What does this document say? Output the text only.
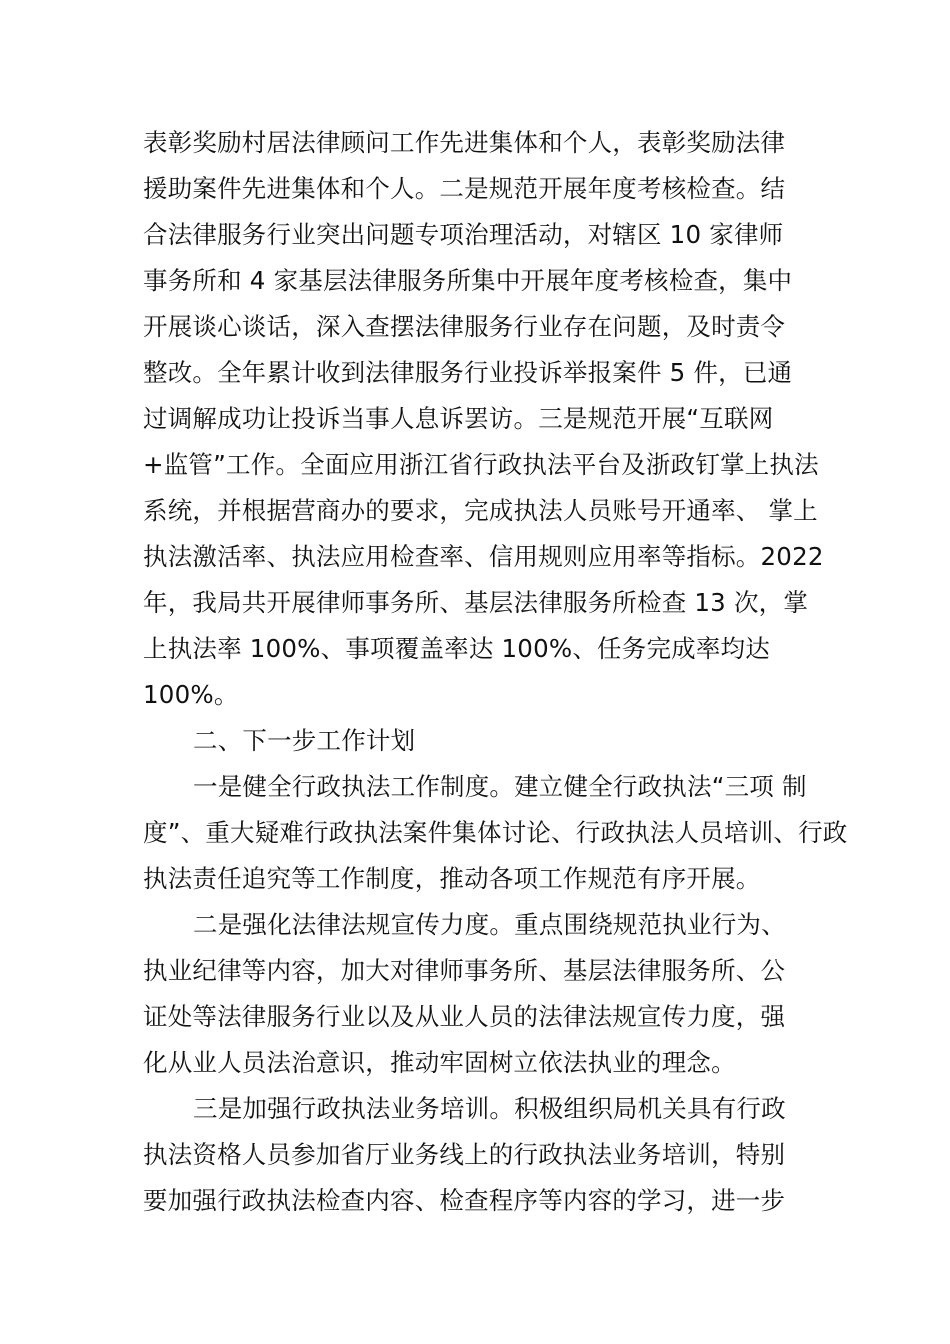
表彰奖励村居法律顾问工作先进集体和个人，表彰奖励法律
援助案件先进集体和个人。二是规范开展年度考核检查。结
合法律服务行业突出问题专项治理活动，对辖区 10 家律师
事务所和 4 家基层法律服务所集中开展年度考核检查，集中
开展谈心谈话，深入查摆法律服务行业存在问题，及时责令
整改。全年累计收到法律服务行业投诉举报案件 5 件，已通
过调解成功让投诉当事人息诉罢访。三是规范开展“互联网
+监管”工作。全面应用浙江省行政执法平台及浙政钉掌上执法
系统，并根据营商办的要求，完成执法人员账号开通率、 掌上
执法激活率、执法应用检查率、信用规则应用率等指标。2022
年，我局共开展律师事务所、基层法律服务所检查 13 次，掌
上执法率 100%、事项覆盖率达 100%、任务完成率均达
100%。
二、下一步工作计划
一是健全行政执法工作制度。建立健全行政执法“三项 制
度”、重大疑难行政执法案件集体讨论、行政执法人员培训、行政
执法责任追究等工作制度，推动各项工作规范有序开展。
二是强化法律法规宣传力度。重点围绕规范执业行为、
执业纪律等内容，加大对律师事务所、基层法律服务所、公
证处等法律服务行业以及从业人员的法律法规宣传力度，强
化从业人员法治意识，推动牢固树立依法执业的理念。
三是加强行政执法业务培训。积极组织局机关具有行政
执法资格人员参加省厅业务线上的行政执法业务培训，特别
要加强行政执法检查内容、检查程序等内容的学习，进一步
